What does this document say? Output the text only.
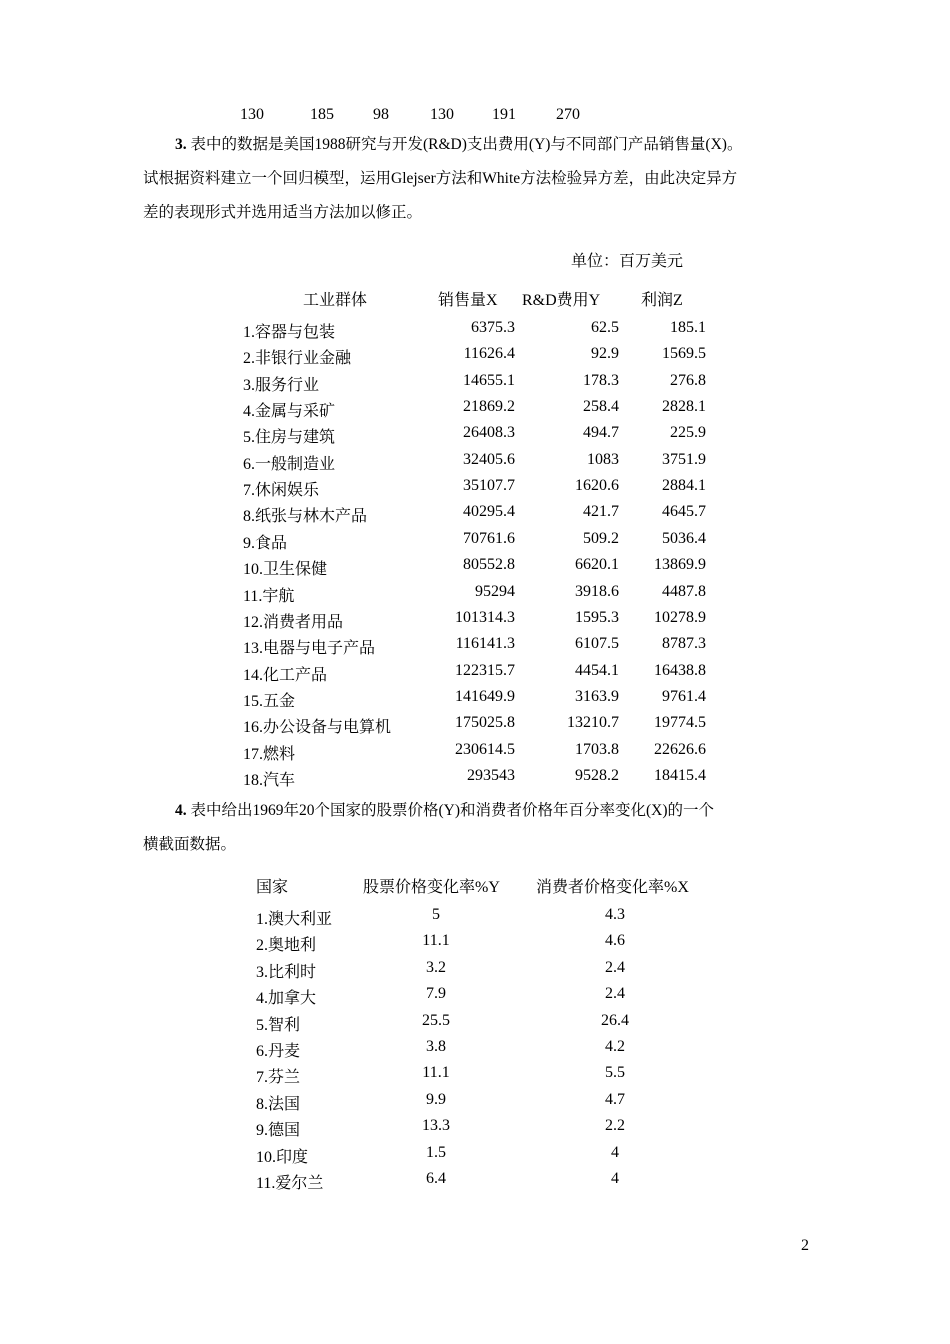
130	185 98	130 191	270
3. 表中的数据是美国1988研究与开发(R&D)支出费用(Y)与不同部门产品销售量(X)。
试根据资料建立一个回归模型，运用Glejser方法和White方法检验异方差，由此决定异方
差的表现形式并选用适当方法加以修正。
单位：百万美元
工业群体	销售量X R&D费用Y	利润Z
1.容器与包装	6375.3	62.5	185.1
2.非银行业金融	11626.4	92.9	1569.5
3.服务行业	14655.1	178.3	276.8
4.金属与采矿	21869.2	258.4	2828.1
5.住房与建筑	26408.3	494.7	225.9
6.一般制造业	32405.6	1083	3751.9
7.休闲娱乐	35107.7	1620.6	2884.1
8.纸张与林木产品	40295.4	421.7	4645.7
9.食品	70761.6	509.2	5036.4
10.卫生保健	80552.8	6620.1 13869.9
11.宇航	95294	3918.6	4487.8
12.消费者用品	101314.3	1595.3 10278.9
13.电器与电子产品	116141.3	6107.5	8787.3
14.化工产品	122315.7	4454.1 16438.8
15.五金	141649.9	3163.9	9761.4
16.办公设备与电算机	175025.8	13210.7 19774.5
17.燃料	230614.5	1703.8 22626.6
18.汽车	293543	9528.2 18415.4
4. 表中给出1969年20个国家的股票价格(Y)和消费者价格年百分率变化(X)的一个
横截面数据。
国家	股票价格变化率%Y 消费者价格变化率%X
1.澳大利亚	5	4.3
2.奥地利	11.1	4.6
3.比利时	3.2	2.4
4.加拿大	7.9	2.4
5.智利	25.5	26.4
6.丹麦	3.8	4.2
7.芬兰	11.1	5.5
8.法国	9.9	4.7
9.德国	13.3	2.2
10.印度	1.5	4
11.爱尔兰	6.4	4
2
